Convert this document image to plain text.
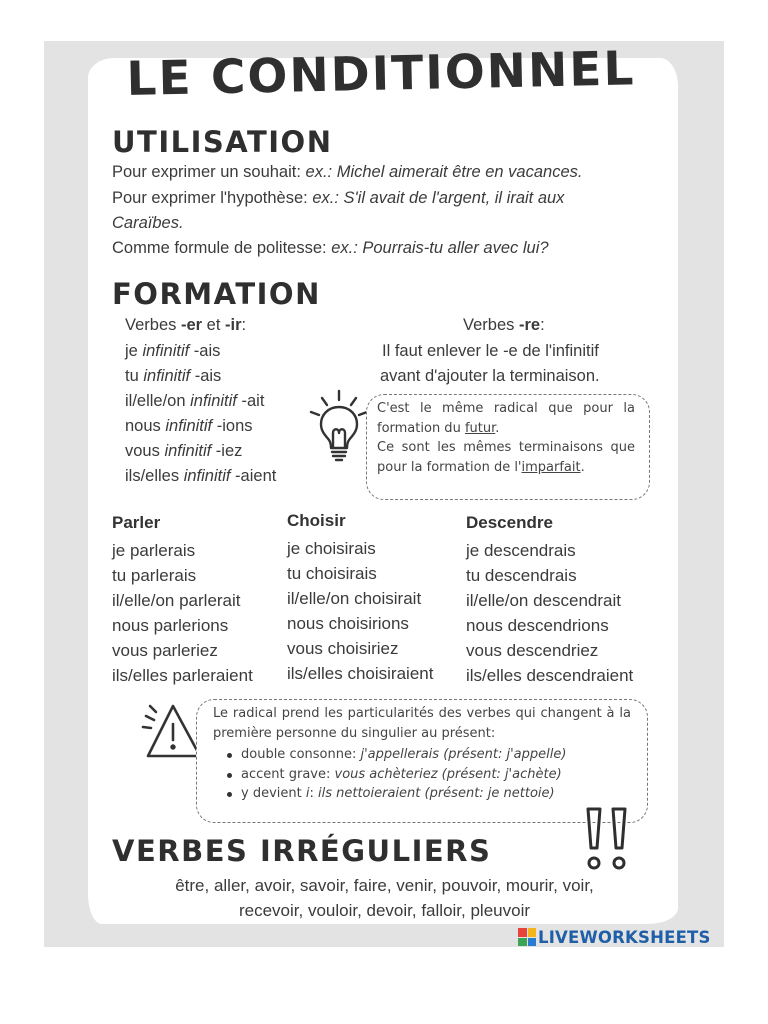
LE CONDITIONNEL
UTILISATION
Pour exprimer un souhait: ex.: Michel aimerait être en vacances.
Pour exprimer l'hypothèse: ex.: S'il avait de l'argent, il irait aux
Caraïbes.
Comme formule de politesse: ex.: Pourrais-tu aller avec lui?
FORMATION
Verbes -er et -ir:
je infinitif -ais
tu infinitif -ais
il/elle/on infinitif -ait
nous infinitif -ions
vous infinitif -iez
ils/elles infinitif -aient
Verbes -re:
Il faut enlever le -e de l'infinitif
avant d'ajouter la terminaison.
C'est le même radical que pour la formation du futur.
Ce sont les mêmes terminaisons que pour la formation de l'imparfait.
Parler
je parlerais
tu parlerais
il/elle/on parlerait
nous parlerions
vous parleriez
ils/elles parleraient
Choisir
je choisirais
tu choisirais
il/elle/on choisirait
nous choisirions
vous choisiriez
ils/elles choisiraient
Descendre
je descendrais
tu descendrais
il/elle/on descendrait
nous descendrions
vous descendriez
ils/elles descendraient
Le radical prend les particularités des verbes qui changent à la première personne du singulier au présent:
double consonne: j'appellerais (présent: j'appelle)
accent grave: vous achèteriez (présent: j'achète)
y devient i: ils nettoieraient (présent: je nettoie)
VERBES IRRÉGULIERS
être, aller, avoir, savoir, faire, venir, pouvoir, mourir, voir,
recevoir, vouloir, devoir, falloir, pleuvoir
LIVEWORKSHEETS
